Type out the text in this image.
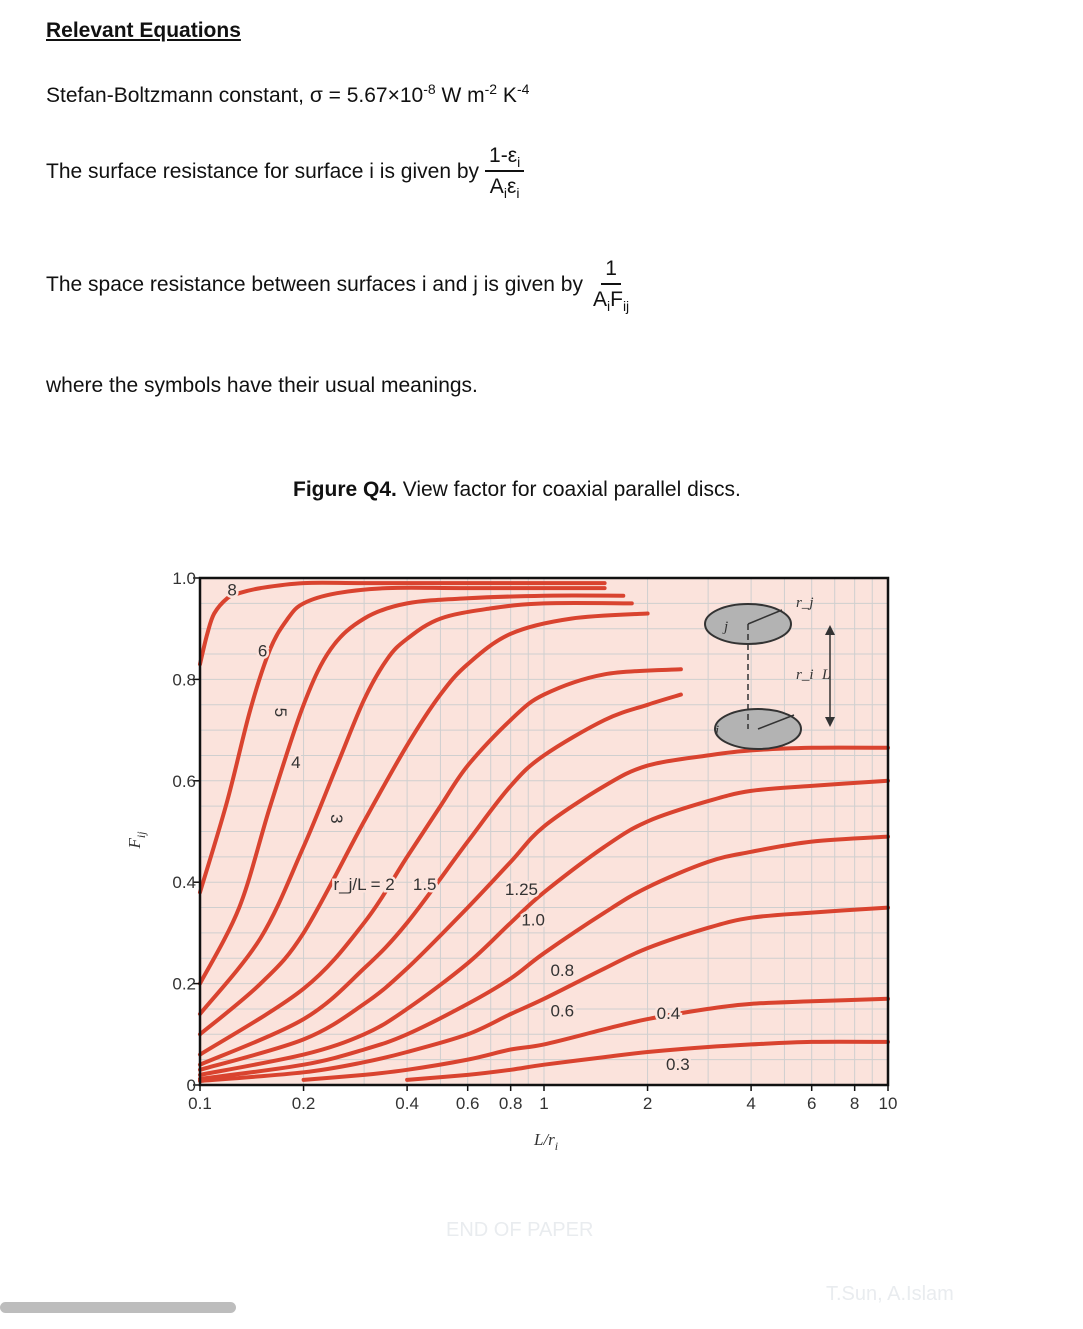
Relevant Equations
Stefan-Boltzmann constant, $\sigma = 5.67\times 10^{-8}$ W $m^{-2}$ $K^{-4}$
The surface resistance for surface i is given by $\frac{1-\varepsilon_i}{A_i\varepsilon_i}$
The space resistance between surfaces i and j is given by $\frac{1}{A_iF_{ij}}$
where the symbols have their usual meanings.
Figure Q4. View factor for coaxial parallel discs.
0
0.2
0.4
0.6
0.8
1.0
0.1	0.2	0.4 0.6 0.8 1	2	4	6 8 10
$L/r_i$
$F_{ij}$
8
6
5
4
3
r_j/L = 2 1.5	1.25
1.0
0.8
0.6	0.4
0.3
j
i
r_j
r_i L
END OF PAPER
T.Sun, A.Islam
